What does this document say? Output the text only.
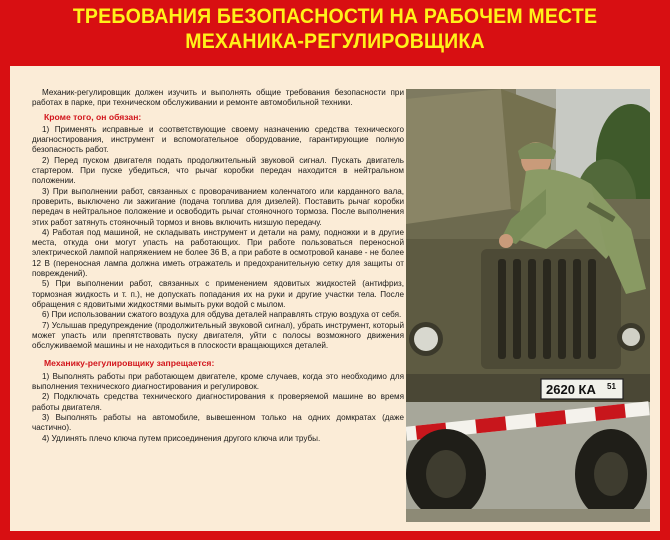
ТРЕБОВАНИЯ БЕЗОПАСНОСТИ НА РАБОЧЕМ МЕСТЕ
МЕХАНИКА-РЕГУЛИРОВЩИКА

Механик-регулировщик должен изучить и выполнять общие требования безопасности при работах в парке, при техническом обслуживании и ремонте автомобильной техники.

Кроме того, он обязан:

1) Применять исправные и соответствующие своему назначению средства технического диагностирования, инструмент и вспомогательное оборудование, гарантирующие полную безопасность работ.

2) Перед пуском двигателя подать продолжительный звуковой сигнал. Пускать двигатель стартером. При пуске убедиться, что рычаг коробки передач находится в нейтральном положении.

3) При выполнении работ, связанных с проворачиванием коленчатого или карданного вала, проверить, выключено ли зажигание (подача топлива для дизелей). Поставить рычаг коробки передач в нейтральное положение и освободить рычаг стояночного тормоза. После выполнения этих работ затянуть стояночный тормоз и вновь включить низшую передачу.

4) Работая под машиной, не складывать инструмент и детали на раму, подножки и в другие места, откуда они могут упасть на работающих. При работе пользоваться переносной электрической лампой напряжением не более 36 В, а при работе в осмотровой канаве - не более 12 В (переносная лампа должна иметь отражатель и предохранительную сетку для защиты от повреждений).

5) При выполнении работ, связанных с применением ядовитых жидкостей (антифриз, тормозная жидкость и т. п.), не допускать попадания их на руки и другие участки тела. После обращения с ядовитыми жидкостями вымыть руки водой с мылом.

6) При использовании сжатого воздуха для обдува деталей направлять струю воздуха от себя.

7) Услышав предупреждение (продолжительный звуковой сигнал), убрать инструмент, который может упасть или препятствовать пуску двигателя, уйти с полосы возможного движения обслуживаемой машины и не находиться в плоскости вращающихся деталей.

Механику-регулировщику запрещается:

1) Выполнять работы при работающем двигателе, кроме случаев, когда это необходимо для выполнения технического диагностирования и регулировок.

2) Подключать средства технического диагностирования к проверяемой машине во время работы двигателя.

3) Выполнять работы на автомобиле, вывешенном только на одних домкратах (даже частично).

4) Удлинять плечо ключа путем присоединения другого ключа или трубы.

2620 КА 51
